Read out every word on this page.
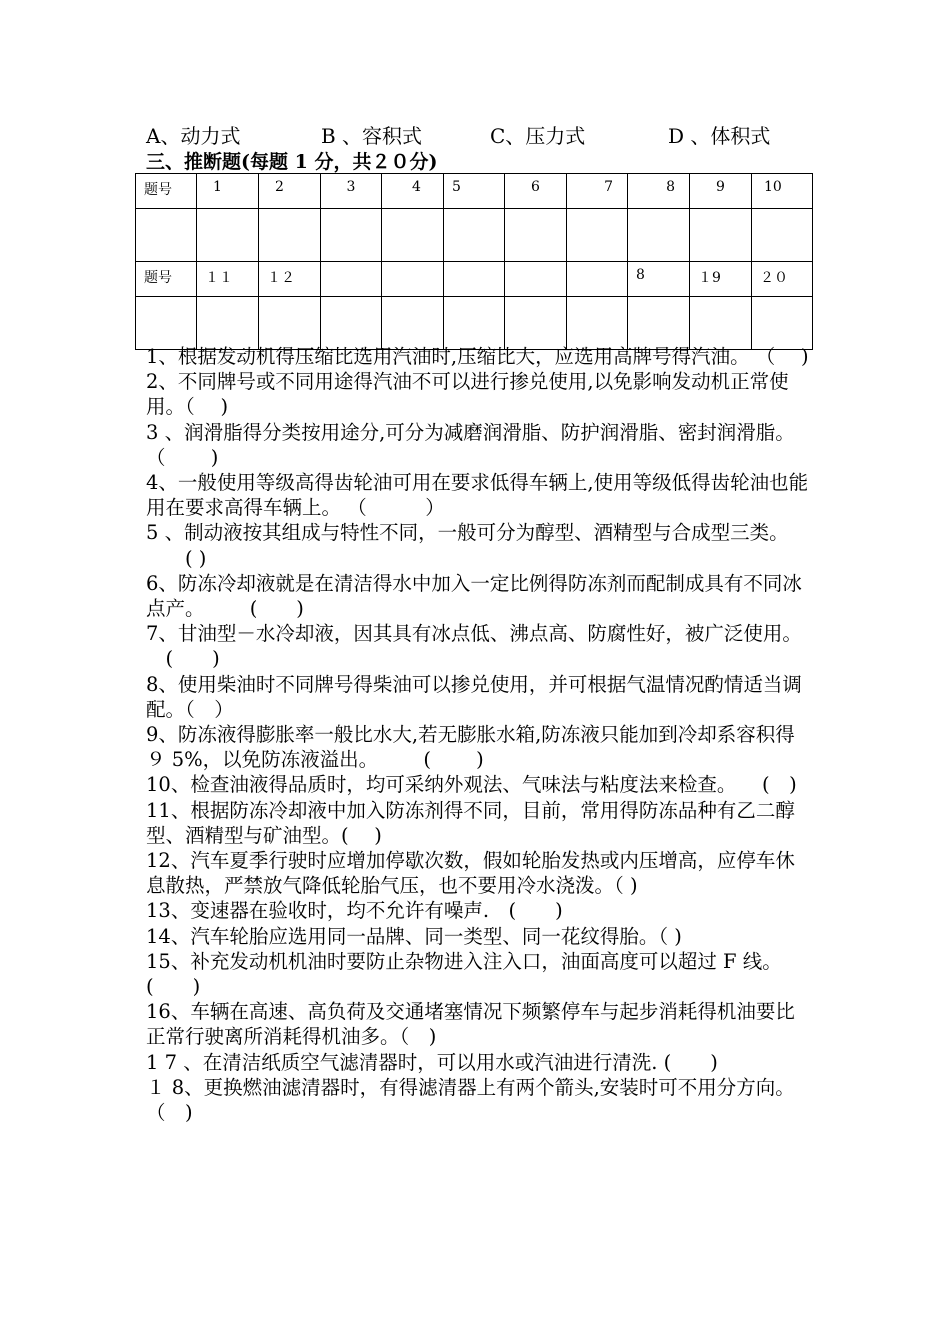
A、动力式	B 、容积式	C、压力式	D 、体积式
三、推断题(每题 1 分，共２０分)
题号	1	2	3	4	5	6	7	8	9	10

题号	１１	１２						8	１9	２０

1、根据发动机得压缩比选用汽油时,压缩比大，应选用高牌号得汽油。 （　 )

2、不同牌号或不同用途得汽油不可以进行掺兑使用,以免影响发动机正常使用。（　 )

3 、润滑脂得分类按用途分,可分为减磨润滑脂、防护润滑脂、密封润滑脂。 （　　 )

4、一般使用等级高得齿轮油可用在要求低得车辆上,使用等级低得齿轮油也能用在要求高得车辆上。 （　　　）

5 、制动液按其组成与特性不同，一般可分为醇型、酒精型与合成型三类。 　　( )

6、防冻冷却液就是在清洁得水中加入一定比例得防冻剂而配制成具有不同冰点产。 　　(　　)

7、甘油型－水冷却液，因其具有冰点低、沸点高、防腐性好，被广泛使用。 　(　　)

8、使用柴油时不同牌号得柴油可以掺兑使用，并可根据气温情况酌情适当调配。（　）

9、防冻液得膨胀率一般比水大,若无膨胀水箱,防冻液只能加到冷却系容积得９ 5%，以免防冻液溢出。 　　(　　 )

10、检查油液得品质时，均可采纳外观法、气味法与粘度法来检查。 　(　)

11、根据防冻冷却液中加入防冻剂得不同，目前，常用得防冻品种有乙二醇型、酒精型与矿油型。(　 )

12、汽车夏季行驶时应增加停歇次数，假如轮胎发热或内压增高，应停车休息散热，严禁放气降低轮胎气压，也不要用冷水浇泼。（ )

13、变速器在验收时，均不允许有噪声.　(　　)

14、汽车轮胎应选用同一品牌、同一类型、同一花纹得胎。（ )

15、补充发动机机油时要防止杂物进入注入口，油面高度可以超过 F 线。(　　)

16、车辆在高速、高负荷及交通堵塞情况下频繁停车与起步消耗得机油要比正常行驶离所消耗得机油多。（　)

1 7 、在清洁纸质空气滤清器时，可以用水或汽油进行清洗. (　　)

１ 8、更换燃油滤清器时，有得滤清器上有两个箭头,安装时可不用分方向。 （　)
